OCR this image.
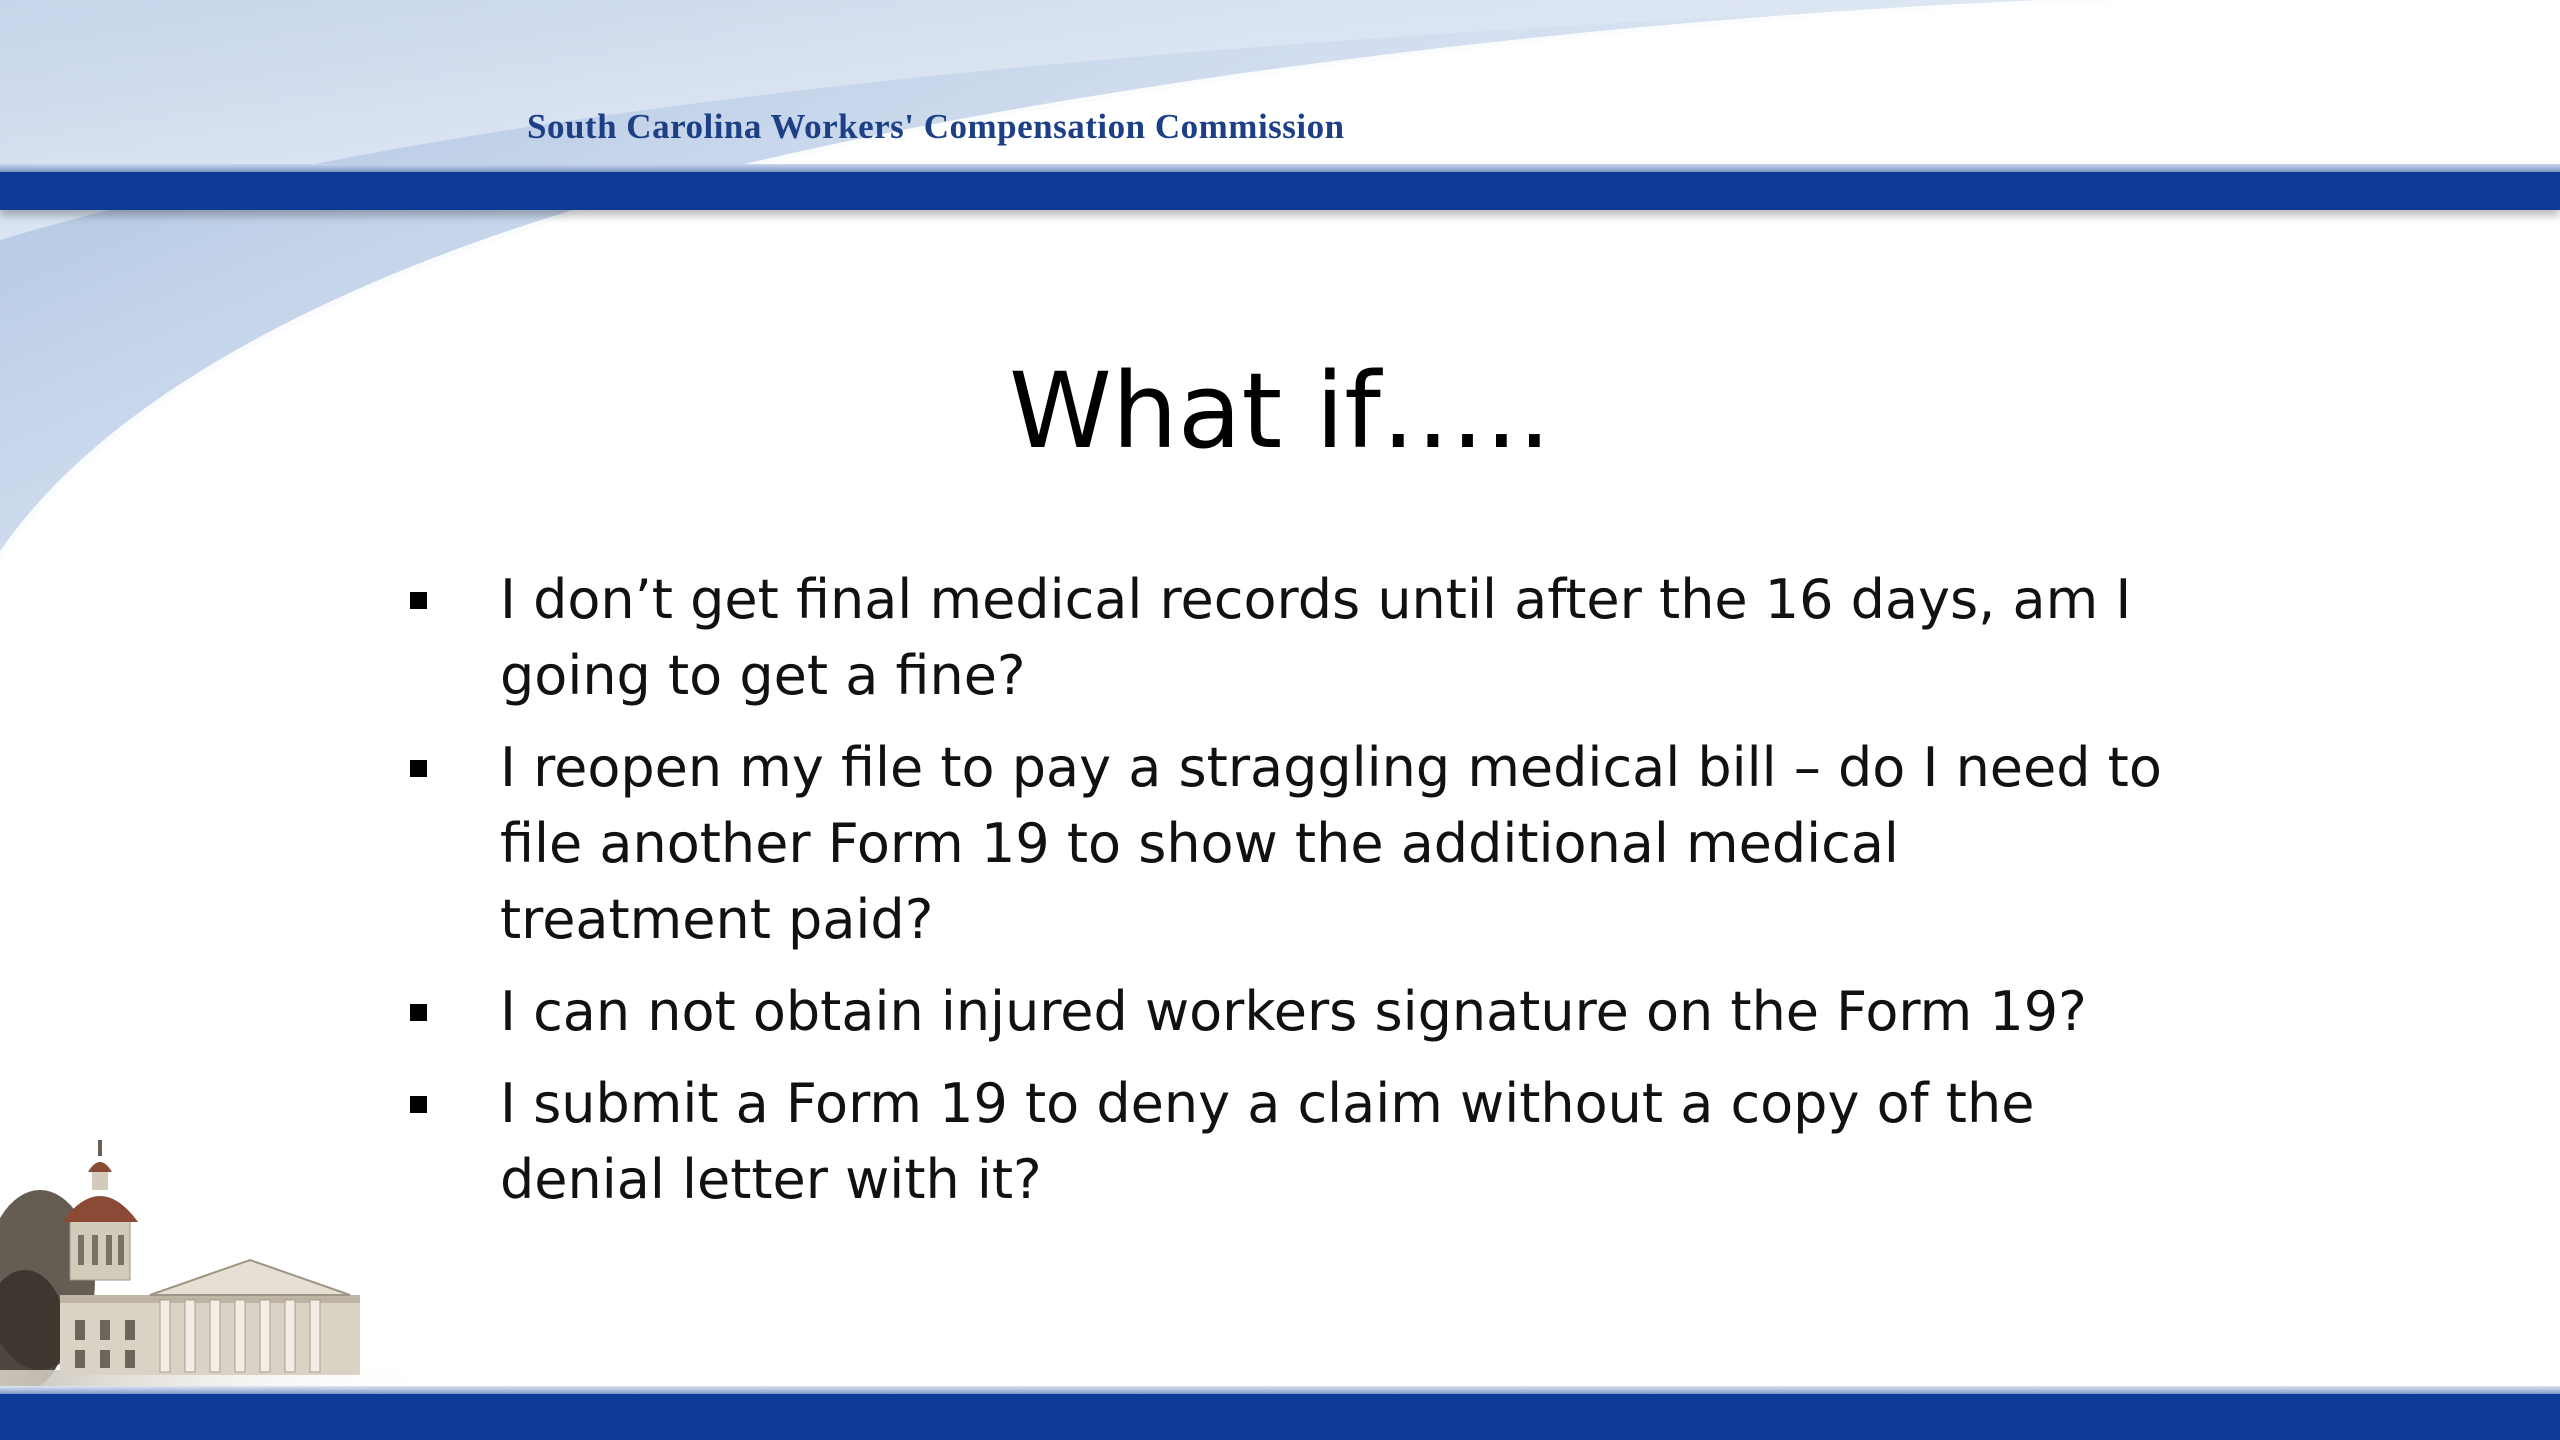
South Carolina Workers' Compensation Commission
What if…..
I don’t get final medical records until after the 16 days, am I going to get a fine?
I reopen my file to pay a straggling medical bill – do I need to file another Form 19 to show the additional medical treatment paid?
I can not obtain injured workers signature on the Form 19?
I submit a Form 19 to deny a claim without a copy of the denial letter with it?
